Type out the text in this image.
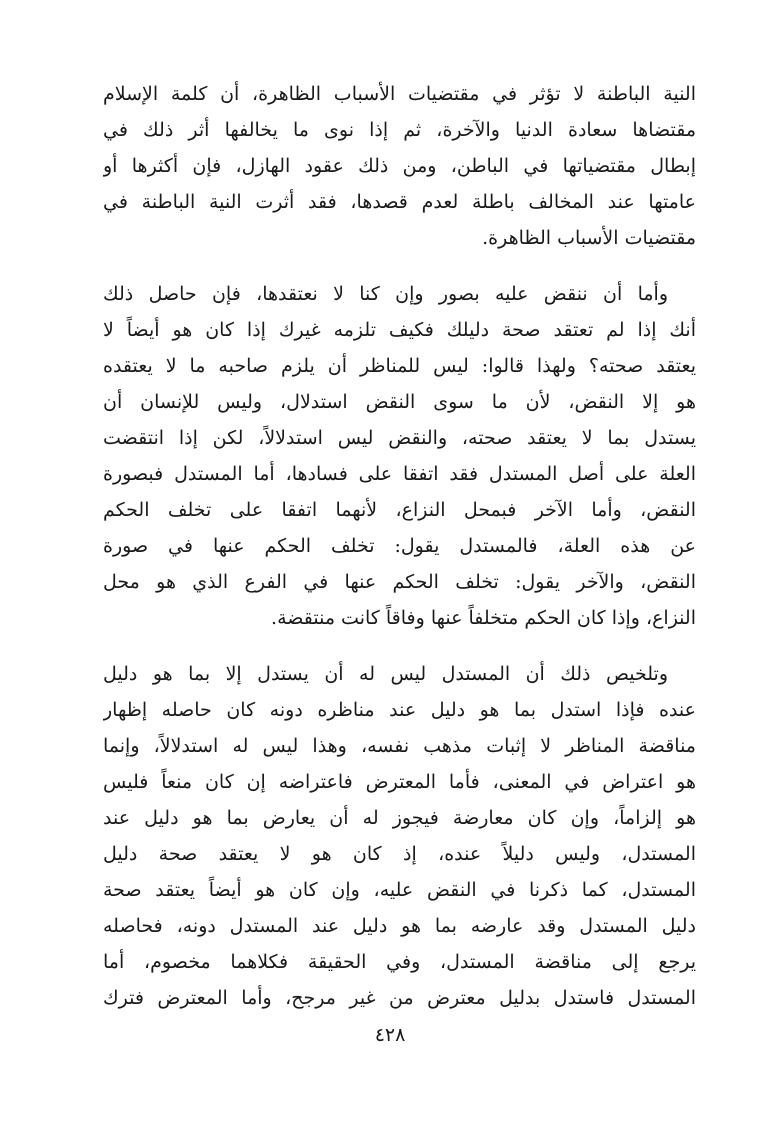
النية الباطنة لا تؤثر في مقتضيات الأسباب الظاهرة، أن كلمة الإسلام
مقتضاها سعادة الدنيا والآخرة، ثم إذا نوى ما يخالفها أثر ذلك في
إبطال مقتضياتها في الباطن، ومن ذلك عقود الهازل، فإن أكثرها أو
عامتها عند المخالف باطلة لعدم قصدها، فقد أثرت النية الباطنة في
مقتضيات الأسباب الظاهرة.
وأما أن ننقض عليه بصور وإن كنا لا نعتقدها، فإن حاصل ذلك
أنك إذا لم تعتقد صحة دليلك فكيف تلزمه غيرك إذا كان هو أيضاً لا
يعتقد صحته؟ ولهذا قالوا: ليس للمناظر أن يلزم صاحبه ما لا يعتقده
هو إلا النقض، لأن ما سوى النقض استدلال، وليس للإنسان أن
يستدل بما لا يعتقد صحته، والنقض ليس استدلالاً، لكن إذا انتقضت
العلة على أصل المستدل فقد اتفقا على فسادها، أما المستدل فبصورة
النقض، وأما الآخر فبمحل النزاع، لأنهما اتفقا على تخلف الحكم
عن هذه العلة، فالمستدل يقول: تخلف الحكم عنها في صورة
النقض، والآخر يقول: تخلف الحكم عنها في الفرع الذي هو محل
النزاع، وإذا كان الحكم متخلفاً عنها وفاقاً كانت منتقضة.
وتلخيص ذلك أن المستدل ليس له أن يستدل إلا بما هو دليل
عنده فإذا استدل بما هو دليل عند مناظره دونه كان حاصله إظهار
مناقضة المناظر لا إثبات مذهب نفسه، وهذا ليس له استدلالاً، وإنما
هو اعتراض في المعنى، فأما المعترض فاعتراضه إن كان منعاً فليس
هو إلزاماً، وإن كان معارضة فيجوز له أن يعارض بما هو دليل عند
المستدل، وليس دليلاً عنده، إذ كان هو لا يعتقد صحة دليل
المستدل، كما ذكرنا في النقض عليه، وإن كان هو أيضاً يعتقد صحة
دليل المستدل وقد عارضه بما هو دليل عند المستدل دونه، فحاصله
يرجع إلى مناقضة المستدل، وفي الحقيقة فكلاهما مخصوم، أما
المستدل فاستدل بدليل معترض من غير مرجح، وأما المعترض فترك
٤٢٨
